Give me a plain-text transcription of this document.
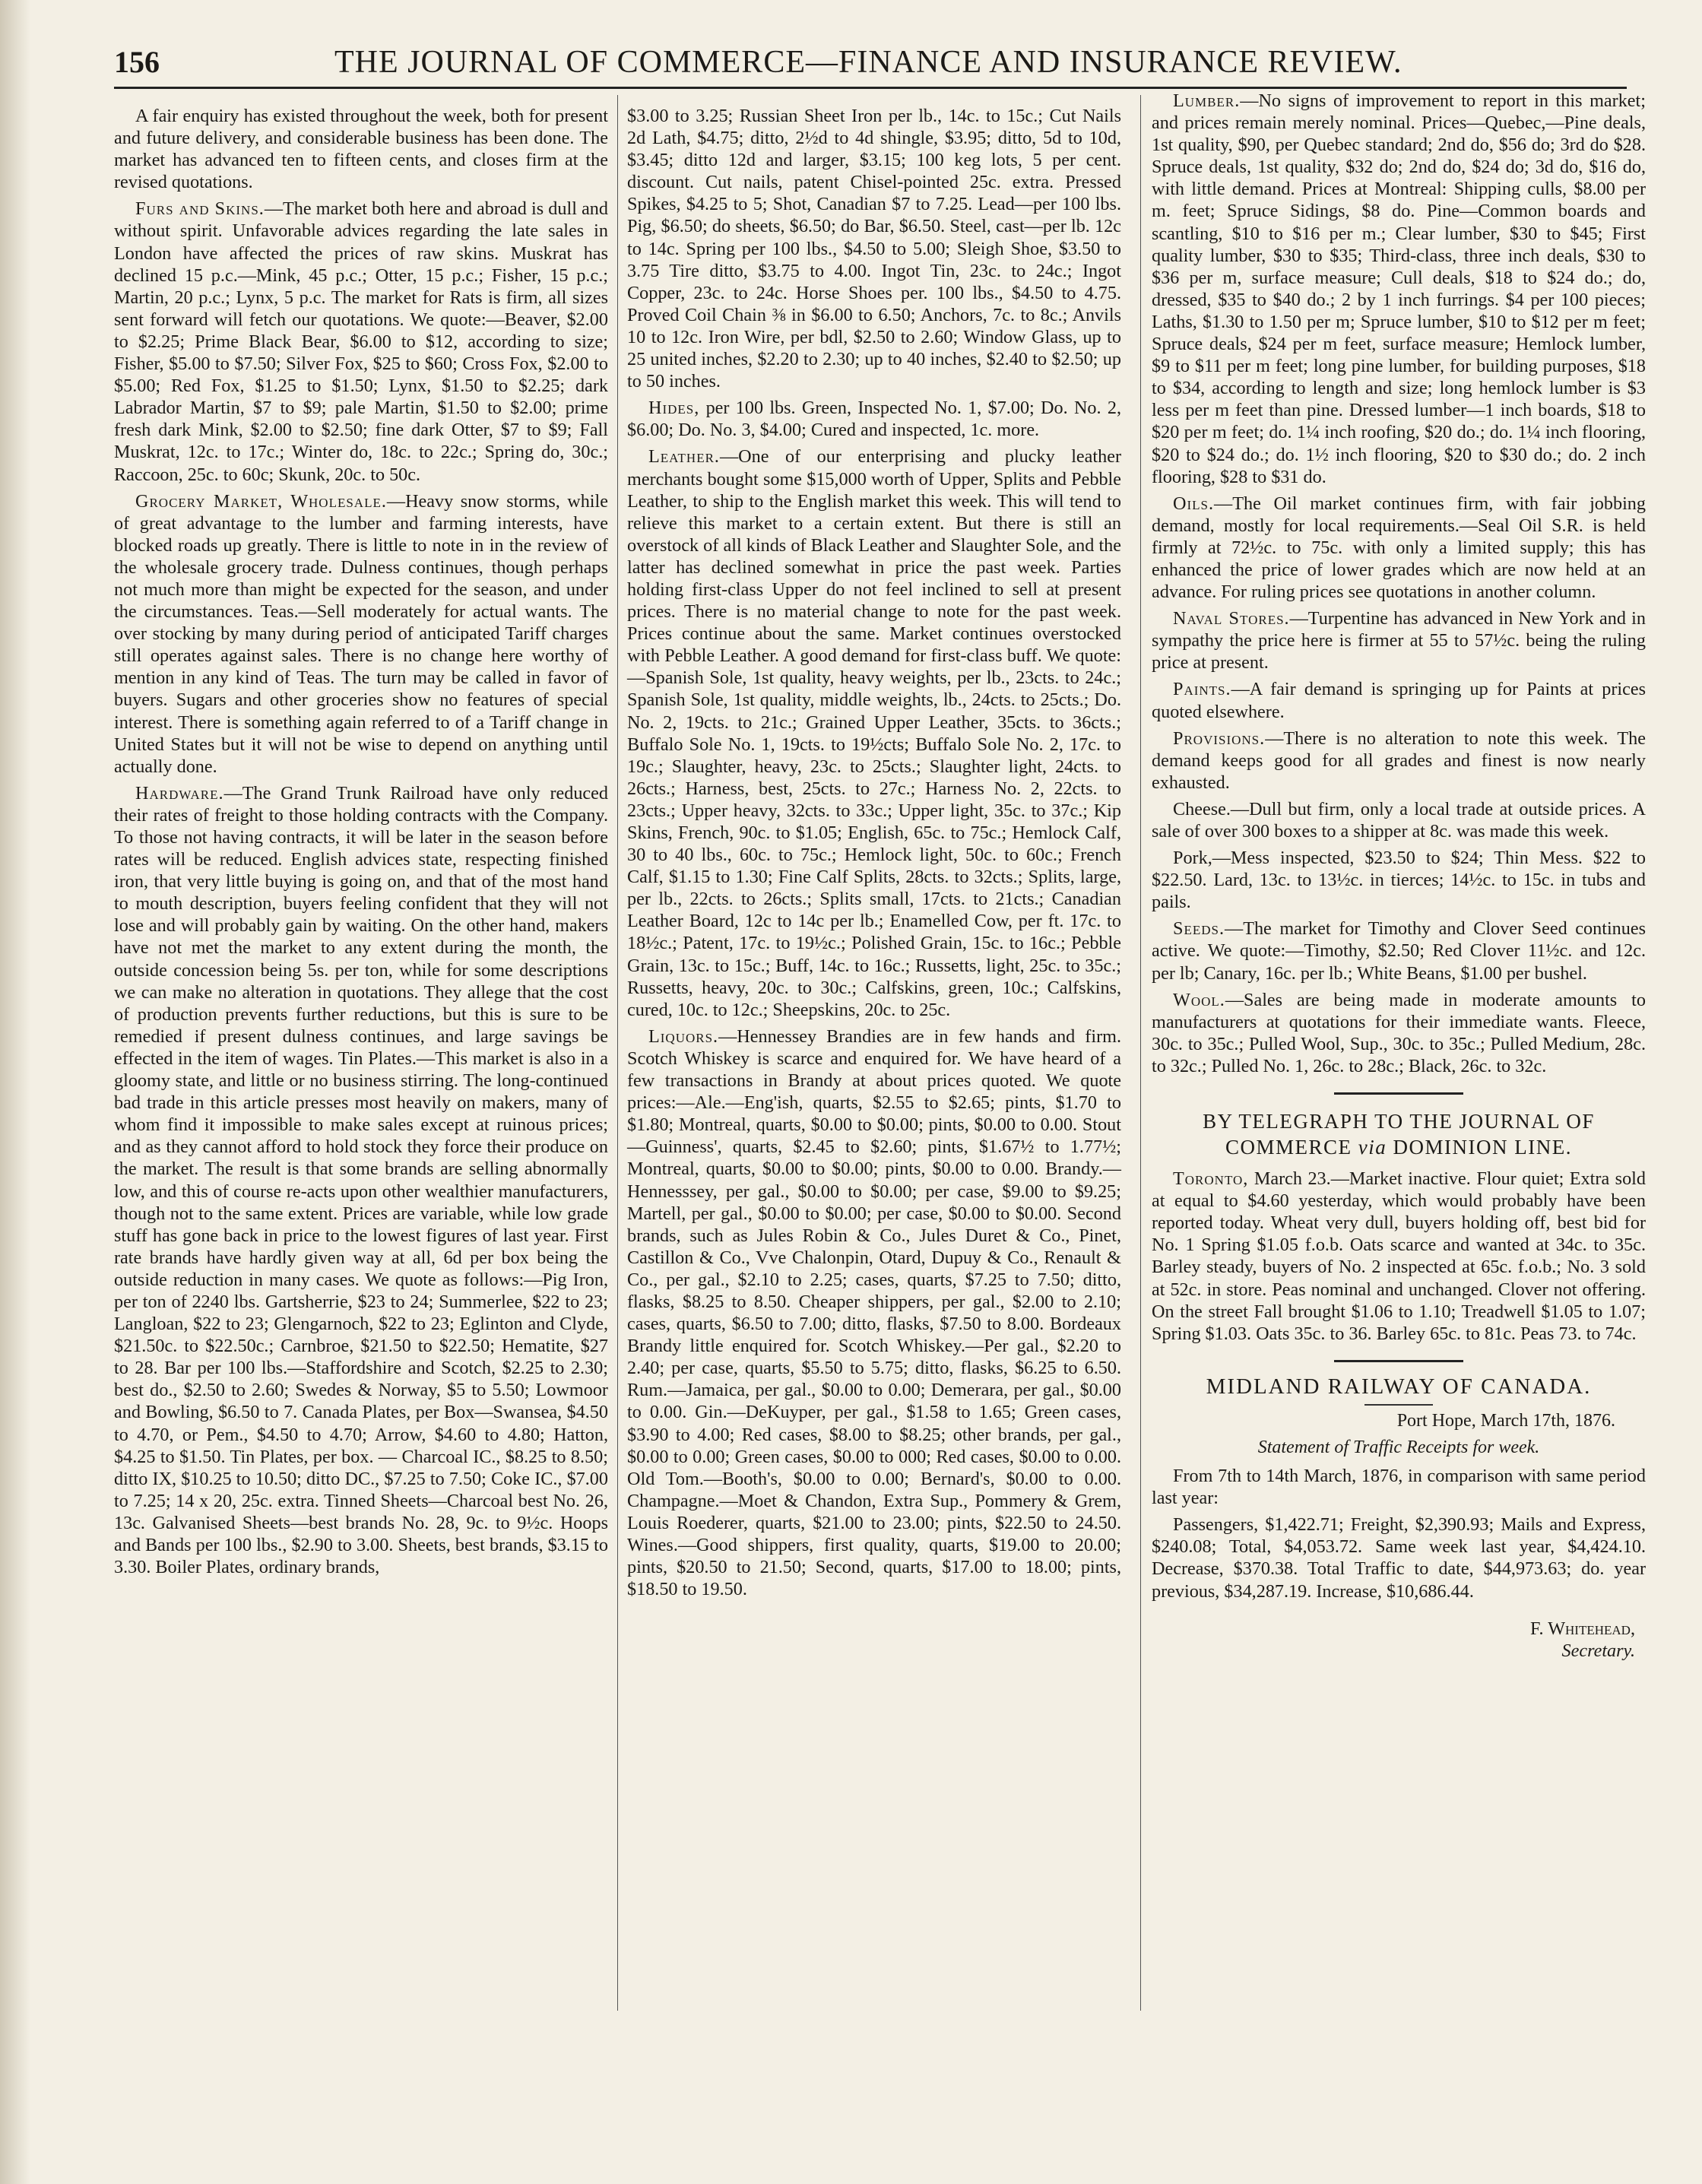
156	THE JOURNAL OF COMMERCE—FINANCE AND INSURANCE REVIEW.

A fair enquiry has existed throughout the week, both for present and future delivery, and considerable business has been done. The market has advanced ten to fifteen cents, and closes firm at the revised quotations.

Furs and Skins.—The market both here and abroad is dull and without spirit. Unfavorable advices regarding the late sales in London have affected the prices of raw skins. Muskrat has declined 15 p.c.—Mink, 45 p.c.; Otter, 15 p.c.; Fisher, 15 p.c.; Martin, 20 p.c.; Lynx, 5 p.c. The market for Rats is firm, all sizes sent forward will fetch our quotations. We quote:—Beaver, $2.00 to $2.25; Prime Black Bear, $6.00 to $12, according to size; Fisher, $5.00 to $7.50; Silver Fox, $25 to $60; Cross Fox, $2.00 to $5.00; Red Fox, $1.25 to $1.50; Lynx, $1.50 to $2.25; dark Labrador Martin, $7 to $9; pale Martin, $1.50 to $2.00; prime fresh dark Mink, $2.00 to $2.50; fine dark Otter, $7 to $9; Fall Muskrat, 12c. to 17c.; Winter do, 18c. to 22c.; Spring do, 30c.; Raccoon, 25c. to 60c; Skunk, 20c. to 50c.

Grocery Market, Wholesale.—Heavy snow storms, while of great advantage to the lumber and farming interests, have blocked roads up greatly. There is little to note in in the review of the wholesale grocery trade. Dulness continues, though perhaps not much more than might be expected for the season, and under the circumstances. Teas.—Sell moderately for actual wants. The over stocking by many during period of anticipated Tariff charges still operates against sales. There is no change here worthy of mention in any kind of Teas. The turn may be called in favor of buyers. Sugars and other groceries show no features of special interest. There is something again referred to of a Tariff change in United States but it will not be wise to depend on anything until actually done.

Hardware.—The Grand Trunk Railroad have only reduced their rates of freight to those holding contracts with the Company. To those not having contracts, it will be later in the season before rates will be reduced. English advices state, respecting finished iron, that very little buying is going on, and that of the most hand to mouth description, buyers feeling confident that they will not lose and will probably gain by waiting. On the other hand, makers have not met the market to any extent during the month, the outside concession being 5s. per ton, while for some descriptions we can make no alteration in quotations. They allege that the cost of production prevents further reductions, but this is sure to be remedied if present dulness continues, and large savings be effected in the item of wages. Tin Plates.—This market is also in a gloomy state, and little or no business stirring. The long-continued bad trade in this article presses most heavily on makers, many of whom find it impossible to make sales except at ruinous prices; and as they cannot afford to hold stock they force their produce on the market. The result is that some brands are selling abnormally low, and this of course re-acts upon other wealthier manufacturers, though not to the same extent. Prices are variable, while low grade stuff has gone back in price to the lowest figures of last year. First rate brands have hardly given way at all, 6d per box being the outside reduction in many cases. We quote as follows:—Pig Iron, per ton of 2240 lbs. Gartsherrie, $23 to 24; Summerlee, $22 to 23; Langloan, $22 to 23; Glengarnoch, $22 to 23; Eglinton and Clyde, $21.50c. to $22.50c.; Carnbroe, $21.50 to $22.50; Hematite, $27 to 28. Bar per 100 lbs.—Staffordshire and Scotch, $2.25 to 2.30; best do., $2.50 to 2.60; Swedes & Norway, $5 to 5.50; Lowmoor and Bowling, $6.50 to 7. Canada Plates, per Box—Swansea, $4.50 to 4.70, or Pem., $4.50 to 4.70; Arrow, $4.60 to 4.80; Hatton, $4.25 to $1.50. Tin Plates, per box. — Charcoal IC., $8.25 to 8.50; ditto IX, $10.25 to 10.50; ditto DC., $7.25 to 7.50; Coke IC., $7.00 to 7.25; 14 x 20, 25c. extra. Tinned Sheets—Charcoal best No. 26, 13c. Galvanised Sheets—best brands No. 28, 9c. to 9½c. Hoops and Bands per 100 lbs., $2.90 to 3.00. Sheets, best brands, $3.15 to 3.30. Boiler Plates, ordinary brands,

$3.00 to 3.25; Russian Sheet Iron per lb., 14c. to 15c.; Cut Nails 2d Lath, $4.75; ditto, 2½d to 4d shingle, $3.95; ditto, 5d to 10d, $3.45; ditto 12d and larger, $3.15; 100 keg lots, 5 per cent. discount. Cut nails, patent Chisel-pointed 25c. extra. Pressed Spikes, $4.25 to 5; Shot, Canadian $7 to 7.25. Lead—per 100 lbs. Pig, $6.50; do sheets, $6.50; do Bar, $6.50. Steel, cast—per lb. 12c to 14c. Spring per 100 lbs., $4.50 to 5.00; Sleigh Shoe, $3.50 to 3.75 Tire ditto, $3.75 to 4.00. Ingot Tin, 23c. to 24c.; Ingot Copper, 23c. to 24c. Horse Shoes per. 100 lbs., $4.50 to 4.75. Proved Coil Chain ⅜ in $6.00 to 6.50; Anchors, 7c. to 8c.; Anvils 10 to 12c. Iron Wire, per bdl, $2.50 to 2.60; Window Glass, up to 25 united inches, $2.20 to 2.30; up to 40 inches, $2.40 to $2.50; up to 50 inches.

Hides, per 100 lbs. Green, Inspected No. 1, $7.00; Do. No. 2, $6.00; Do. No. 3, $4.00; Cured and inspected, 1c. more.

Leather.—One of our enterprising and plucky leather merchants bought some $15,000 worth of Upper, Splits and Pebble Leather, to ship to the English market this week. This will tend to relieve this market to a certain extent. But there is still an overstock of all kinds of Black Leather and Slaughter Sole, and the latter has declined somewhat in price the past week. Parties holding first-class Upper do not feel inclined to sell at present prices. There is no material change to note for the past week. Prices continue about the same. Market continues overstocked with Pebble Leather. A good demand for first-class buff. We quote:—Spanish Sole, 1st quality, heavy weights, per lb., 23cts. to 24c.; Spanish Sole, 1st quality, middle weights, lb., 24cts. to 25cts.; Do. No. 2, 19cts. to 21c.; Grained Upper Leather, 35cts. to 36cts.; Buffalo Sole No. 1, 19cts. to 19½cts; Buffalo Sole No. 2, 17c. to 19c.; Slaughter, heavy, 23c. to 25cts.; Slaughter light, 24cts. to 26cts.; Harness, best, 25cts. to 27c.; Harness No. 2, 22cts. to 23cts.; Upper heavy, 32cts. to 33c.; Upper light, 35c. to 37c.; Kip Skins, French, 90c. to $1.05; English, 65c. to 75c.; Hemlock Calf, 30 to 40 lbs., 60c. to 75c.; Hemlock light, 50c. to 60c.; French Calf, $1.15 to 1.30; Fine Calf Splits, 28cts. to 32cts.; Splits, large, per lb., 22cts. to 26cts.; Splits small, 17cts. to 21cts.; Canadian Leather Board, 12c to 14c per lb.; Enamelled Cow, per ft. 17c. to 18½c.; Patent, 17c. to 19½c.; Polished Grain, 15c. to 16c.; Pebble Grain, 13c. to 15c.; Buff, 14c. to 16c.; Russetts, light, 25c. to 35c.; Russetts, heavy, 20c. to 30c.; Calfskins, green, 10c.; Calfskins, cured, 10c. to 12c.; Sheepskins, 20c. to 25c.

Liquors.—Hennessey Brandies are in few hands and firm. Scotch Whiskey is scarce and enquired for. We have heard of a few transactions in Brandy at about prices quoted. We quote prices:—Ale.—Eng'ish, quarts, $2.55 to $2.65; pints, $1.70 to $1.80; Montreal, quarts, $0.00 to $0.00; pints, $0.00 to 0.00. Stout—Guinness', quarts, $2.45 to $2.60; pints, $1.67½ to 1.77½; Montreal, quarts, $0.00 to $0.00; pints, $0.00 to 0.00. Brandy.—Hennesssey, per gal., $0.00 to $0.00; per case, $9.00 to $9.25; Martell, per gal., $0.00 to $0.00; per case, $0.00 to $0.00. Second brands, such as Jules Robin & Co., Jules Duret & Co., Pinet, Castillon & Co., Vve Chalonpin, Otard, Dupuy & Co., Renault & Co., per gal., $2.10 to 2.25; cases, quarts, $7.25 to 7.50; ditto, flasks, $8.25 to 8.50. Cheaper shippers, per gal., $2.00 to 2.10; cases, quarts, $6.50 to 7.00; ditto, flasks, $7.50 to 8.00. Bordeaux Brandy little enquired for. Scotch Whiskey.—Per gal., $2.20 to 2.40; per case, quarts, $5.50 to 5.75; ditto, flasks, $6.25 to 6.50. Rum.—Jamaica, per gal., $0.00 to 0.00; Demerara, per gal., $0.00 to 0.00. Gin.—DeKuyper, per gal., $1.58 to 1.65; Green cases, $3.90 to 4.00; Red cases, $8.00 to $8.25; other brands, per gal., $0.00 to 0.00; Green cases, $0.00 to 000; Red cases, $0.00 to 0.00. Old Tom.—Booth's, $0.00 to 0.00; Bernard's, $0.00 to 0.00. Champagne.—Moet & Chandon, Extra Sup., Pommery & Grem, Louis Roederer, quarts, $21.00 to 23.00; pints, $22.50 to 24.50. Wines.—Good shippers, first quality, quarts, $19.00 to 20.00; pints, $20.50 to 21.50; Second, quarts, $17.00 to 18.00; pints, $18.50 to 19.50.

Lumber.—No signs of improvement to report in this market; and prices remain merely nominal. Prices—Quebec,—Pine deals, 1st quality, $90, per Quebec standard; 2nd do, $56 do; 3rd do $28. Spruce deals, 1st quality, $32 do; 2nd do, $24 do; 3d do, $16 do, with little demand. Prices at Montreal: Shipping culls, $8.00 per m. feet; Spruce Sidings, $8 do. Pine—Common boards and scantling, $10 to $16 per m.; Clear lumber, $30 to $45; First quality lumber, $30 to $35; Third-class, three inch deals, $30 to $36 per m, surface measure; Cull deals, $18 to $24 do.; do, dressed, $35 to $40 do.; 2 by 1 inch furrings. $4 per 100 pieces; Laths, $1.30 to 1.50 per m; Spruce lumber, $10 to $12 per m feet; Spruce deals, $24 per m feet, surface measure; Hemlock lumber, $9 to $11 per m feet; long pine lumber, for building purposes, $18 to $34, according to length and size; long hemlock lumber is $3 less per m feet than pine. Dressed lumber—1 inch boards, $18 to $20 per m feet; do. 1¼ inch roofing, $20 do.; do. 1¼ inch flooring, $20 to $24 do.; do. 1½ inch flooring, $20 to $30 do.; do. 2 inch flooring, $28 to $31 do.

Oils.—The Oil market continues firm, with fair jobbing demand, mostly for local requirements.—Seal Oil S.R. is held firmly at 72½c. to 75c. with only a limited supply; this has enhanced the price of lower grades which are now held at an advance. For ruling prices see quotations in another column.

Naval Stores.—Turpentine has advanced in New York and in sympathy the price here is firmer at 55 to 57½c. being the ruling price at present.

Paints.—A fair demand is springing up for Paints at prices quoted elsewhere.

Provisions.—There is no alteration to note this week. The demand keeps good for all grades and finest is now nearly exhausted.

Cheese.—Dull but firm, only a local trade at outside prices. A sale of over 300 boxes to a shipper at 8c. was made this week.

Pork,—Mess inspected, $23.50 to $24; Thin Mess. $22 to $22.50. Lard, 13c. to 13½c. in tierces; 14½c. to 15c. in tubs and pails.

Seeds.—The market for Timothy and Clover Seed continues active. We quote:—Timothy, $2.50; Red Clover 11½c. and 12c. per lb; Canary, 16c. per lb.; White Beans, $1.00 per bushel.

Wool.—Sales are being made in moderate amounts to manufacturers at quotations for their immediate wants. Fleece, 30c. to 35c.; Pulled Wool, Sup., 30c. to 35c.; Pulled Medium, 28c. to 32c.; Pulled No. 1, 26c. to 28c.; Black, 26c. to 32c.

BY TELEGRAPH TO THE JOURNAL OF
COMMERCE via DOMINION LINE.

Toronto, March 23.—Market inactive. Flour quiet; Extra sold at equal to $4.60 yesterday, which would probably have been reported today. Wheat very dull, buyers holding off, best bid for No. 1 Spring $1.05 f.o.b. Oats scarce and wanted at 34c. to 35c. Barley steady, buyers of No. 2 inspected at 65c. f.o.b.; No. 3 sold at 52c. in store. Peas nominal and unchanged. Clover not offering. On the street Fall brought $1.06 to 1.10; Treadwell $1.05 to 1.07; Spring $1.03. Oats 35c. to 36. Barley 65c. to 81c. Peas 73. to 74c.

MIDLAND RAILWAY OF CANADA.
Port Hope, March 17th, 1876.
Statement of Traffic Receipts for week.

From 7th to 14th March, 1876, in comparison with same period last year:

Passengers, $1,422.71; Freight, $2,390.93; Mails and Express, $240.08; Total, $4,053.72. Same week last year, $4,424.10. Decrease, $370.38. Total Traffic to date, $44,973.63; do. year previous, $34,287.19. Increase, $10,686.44.

F. Whitehead,
Secretary.
